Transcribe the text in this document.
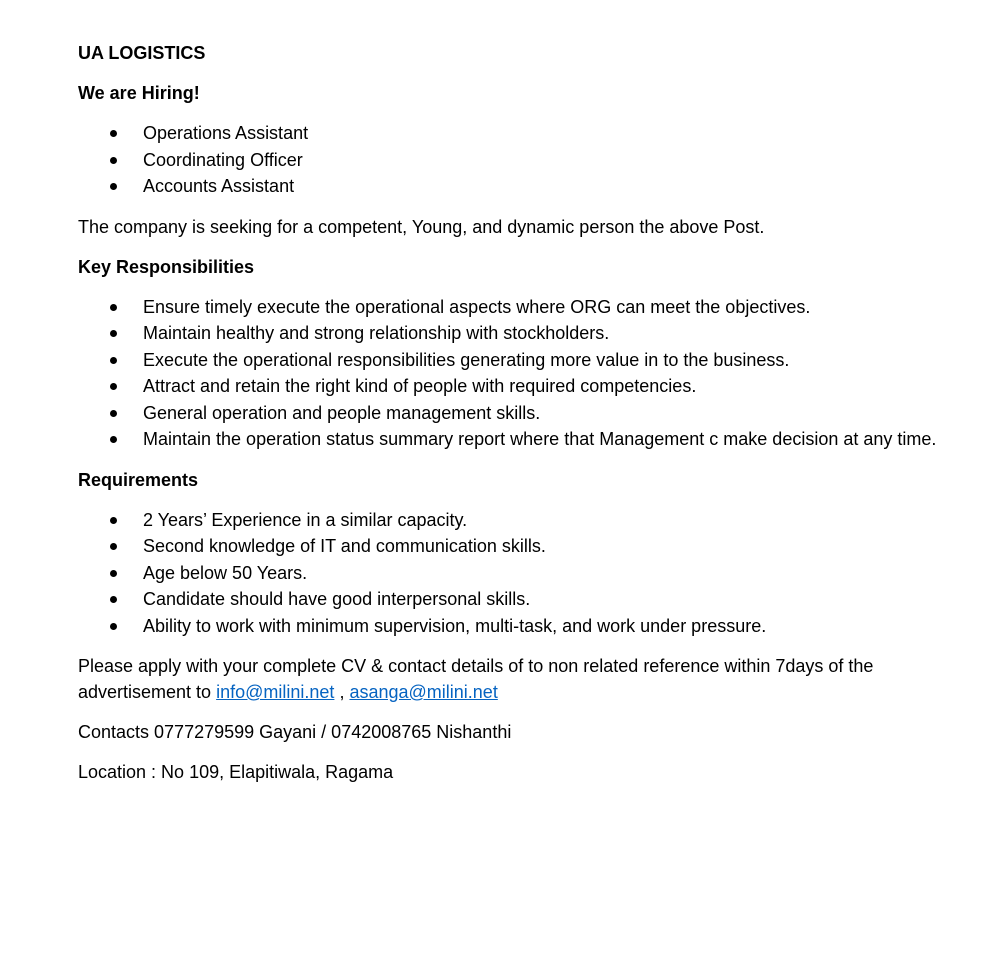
UA LOGISTICS

We are Hiring!

Operations Assistant
Coordinating Officer
Accounts Assistant

The company is seeking for a competent, Young, and dynamic person the above Post.

Key Responsibilities

Ensure timely execute the operational aspects where ORG can meet the objectives.
Maintain healthy and strong relationship with stockholders.
Execute the operational responsibilities generating more value in to the business.
Attract and retain the right kind of people with required competencies.
General operation and people management skills.
Maintain the operation status summary report where that Management c make decision at any time.

Requirements

2 Years’ Experience in a similar capacity.
Second knowledge of IT and communication skills.
Age below 50 Years.
Candidate should have good interpersonal skills.
Ability to work with minimum supervision, multi-task, and work under pressure.

Please apply with your complete CV & contact details of to non related reference within 7days of the advertisement to info@milini.net , asanga@milini.net

Contacts 0777279599 Gayani / 0742008765 Nishanthi

Location : No 109, Elapitiwala, Ragama
